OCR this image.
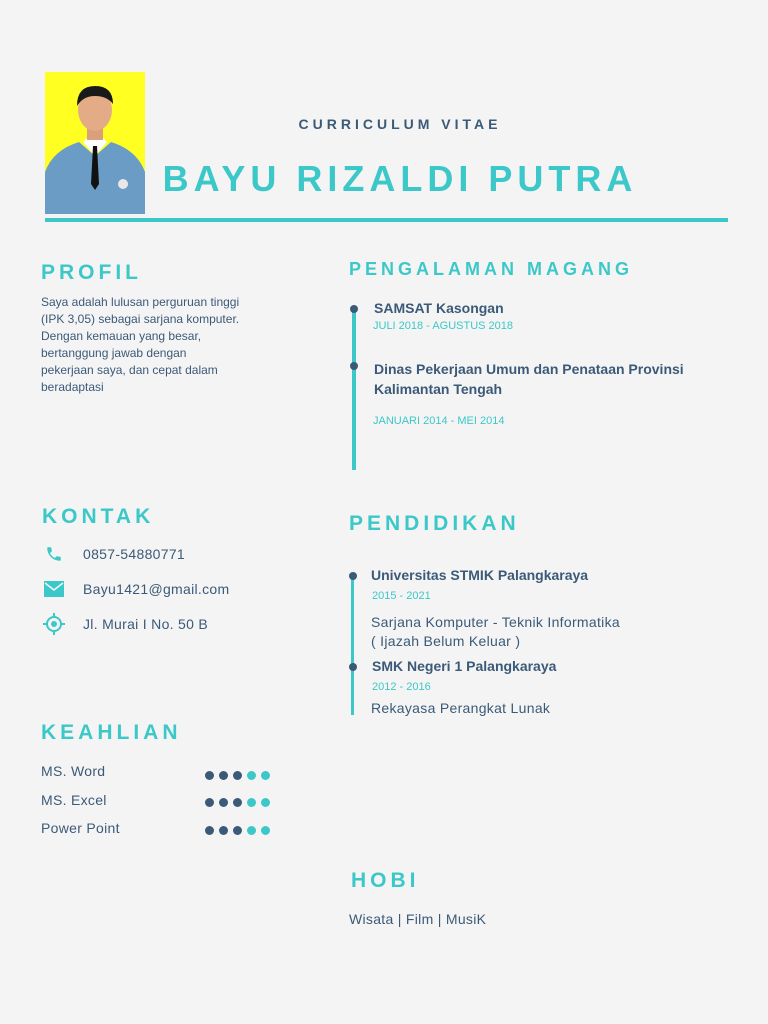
CURRICULUM VITAE
BAYU RIZALDI PUTRA
PROFIL
Saya adalah lulusan perguruan tinggi
(IPK 3,05) sebagai sarjana komputer.
Dengan kemauan yang besar,
bertanggung jawab dengan
pekerjaan saya, dan cepat dalam
beradaptasi
PENGALAMAN MAGANG
SAMSAT Kasongan
JULI 2018 - AGUSTUS 2018
Dinas Pekerjaan Umum dan Penataan Provinsi
Kalimantan Tengah
JANUARI 2014 - MEI 2014
KONTAK
0857-54880771
Bayu1421@gmail.com
Jl. Murai I No. 50 B
PENDIDIKAN
Universitas STMIK Palangkaraya
2015 - 2021
Sarjana Komputer - Teknik Informatika
( Ijazah Belum Keluar )
SMK Negeri 1 Palangkaraya
2012 - 2016
Rekayasa Perangkat Lunak
KEAHLIAN
MS. Word
MS. Excel
Power Point
HOBI
Wisata | Film | MusiK
